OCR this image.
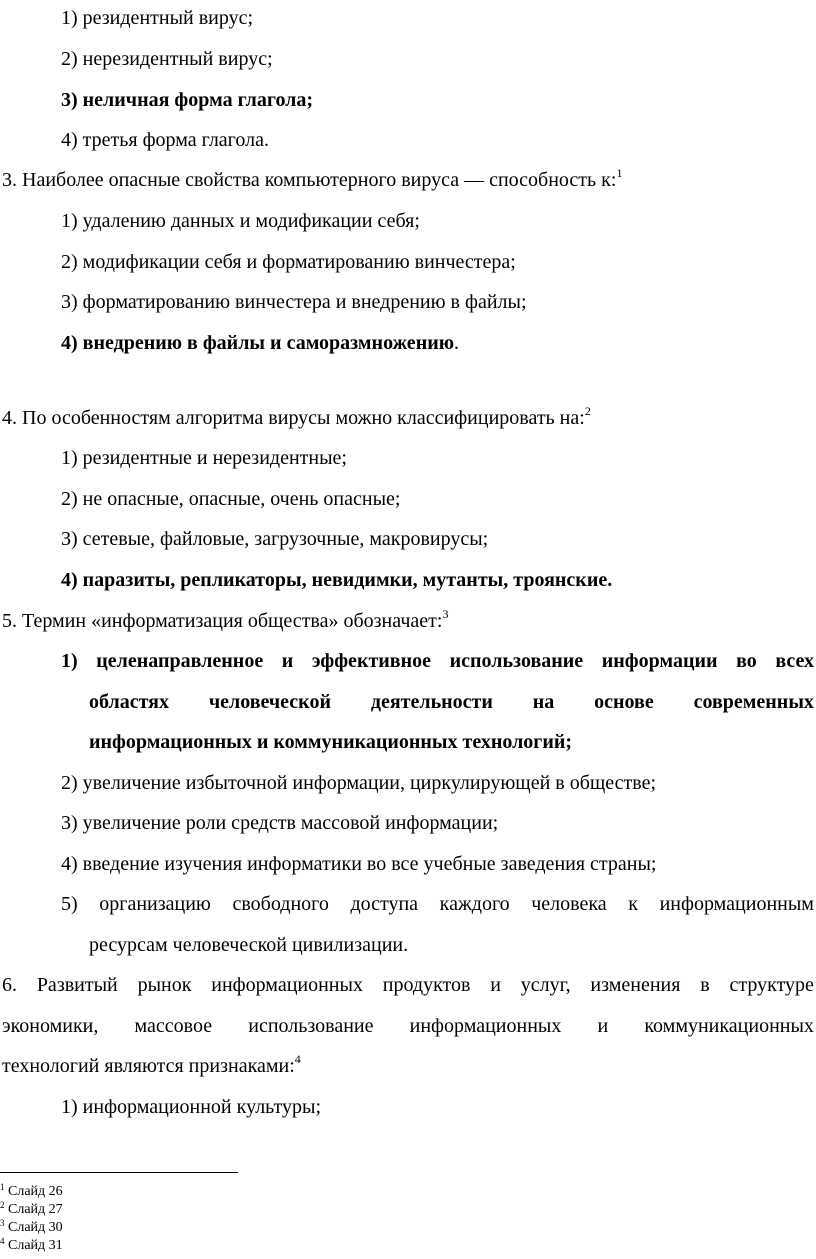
1) резидентный вирус;
2) нерезидентный вирус;
3) неличная форма глагола;
4) третья форма глагола.
3. Наиболее опасные свойства компьютерного вируса — способность к:$^1$
1) удалению данных и модификации себя;
2) модификации себя и форматированию винчестера;
3) форматированию винчестера и внедрению в файлы;
4) внедрению в файлы и саморазмножению.
4. По особенностям алгоритма вирусы можно классифицировать на:$^2$
1) резидентные и нерезидентные;
2) не опасные, опасные, очень опасные;
3) сетевые, файловые, загрузочные, макровирусы;
4) паразиты, репликаторы, невидимки, мутанты, троянские.
5. Термин «информатизация общества» обозначает:$^3$
1) целенаправленное и эффективное использование информации во всех
областях человеческой деятельности на основе современных
информационных и коммуникационных технологий;
2) увеличение избыточной информации, циркулирующей в обществе;
3) увеличение роли средств массовой информации;
4) введение изучения информатики во все учебные заведения страны;
5) организацию свободного доступа каждого человека к информационным
ресурсам человеческой цивилизации.
6. Развитый рынок информационных продуктов и услуг, изменения в структуре
экономики, массовое использование информационных и коммуникационных
технологий являются признаками:$^4$
1) информационной культуры;
$^1$ Слайд 26
$^2$ Слайд 27
$^3$ Слайд 30
$^4$ Слайд 31
